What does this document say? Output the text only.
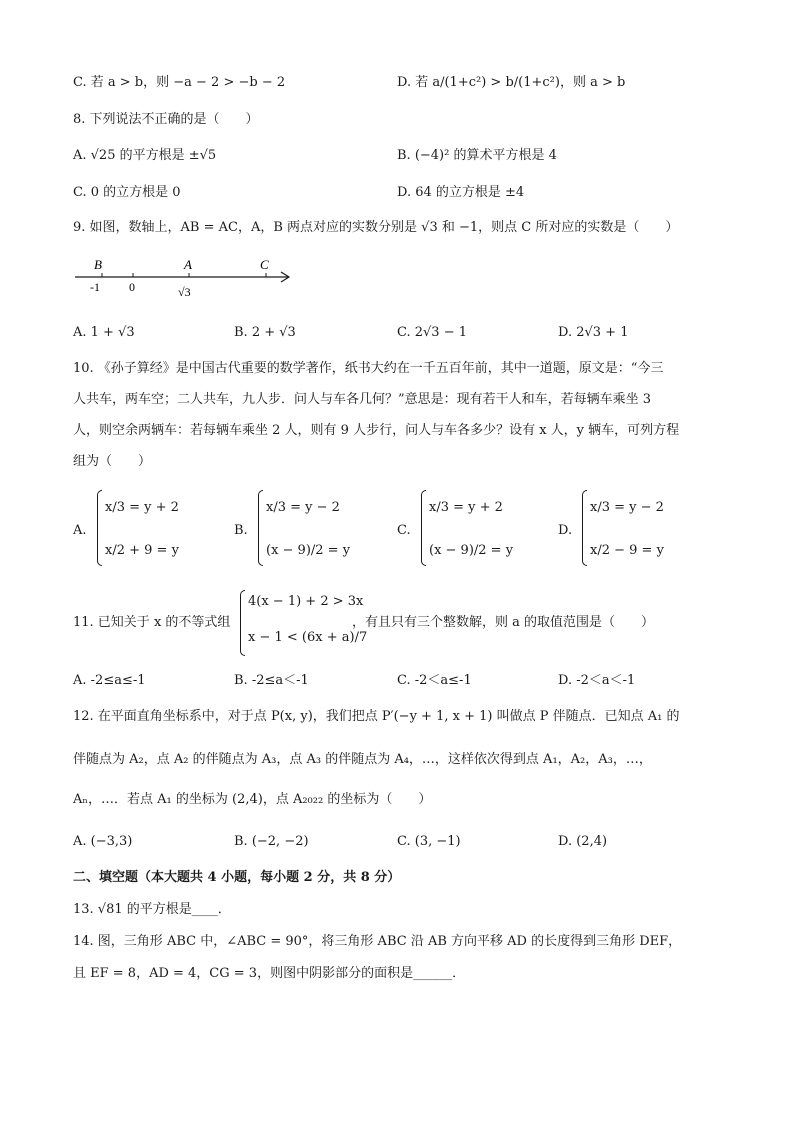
C. 若 a > b，则 −a − 2 > −b − 2	D. 若 a/(1+c²) > b/(1+c²)，则 a > b
8. 下列说法不正确的是（　　）
A. √25 的平方根是 ±√5	B. (−4)² 的算术平方根是 4
C. 0 的立方根是 0	D. 64 的立方根是 ±4
9. 如图，数轴上，AB = AC，A，B 两点对应的实数分别是 √3 和 −1，则点 C 所对应的实数是（　　）
B	A	C
-1 0	√3
A. 1 + √3	B. 2 + √3	C. 2√3 − 1	D. 2√3 + 1
10. 《孙子算经》是中国古代重要的数学著作，纸书大约在一千五百年前，其中一道题，原文是：“今三
人共车，两车空；二人共车，九人步．问人与车各几何？”意思是：现有若干人和车，若每辆车乘坐 3
人，则空余两辆车：若每辆车乘坐 2 人，则有 9 人步行，问人与车各多少？设有 x 人，y 辆车，可列方程
组为（　　）
A.
x/3 = y + 2
x/2 + 9 = y
B.
x/3 = y − 2
(x − 9)/2 = y
C.
x/3 = y + 2
(x − 9)/2 = y
D.
x/3 = y − 2
x/2 − 9 = y
11. 已知关于 x 的不等式组
4(x − 1) + 2 > 3x
x − 1 < (6x + a)/7
，有且只有三个整数解，则 a 的取值范围是（　　）
A. -2≤a≤-1	B. -2≤a＜-1	C. -2＜a≤-1	D. -2＜a＜-1
12. 在平面直角坐标系中，对于点 P(x, y)，我们把点 P′(−y + 1, x + 1) 叫做点 P 伴随点．已知点 A₁ 的
伴随点为 A₂，点 A₂ 的伴随点为 A₃，点 A₃ 的伴随点为 A₄，…，这样依次得到点 A₁，A₂，A₃，…，
Aₙ，…．若点 A₁ 的坐标为 (2,4)，点 A₂₀₂₂ 的坐标为（　　）
A. (−3,3)	B. (−2, −2)	C. (3, −1)	D. (2,4)
二、填空题（本大题共 4 小题，每小题 2 分，共 8 分）
13. √81 的平方根是____．
14. 图，三角形 ABC 中，∠ABC = 90°，将三角形 ABC 沿 AB 方向平移 AD 的长度得到三角形 DEF，
且 EF = 8，AD = 4，CG = 3，则图中阴影部分的面积是______．
